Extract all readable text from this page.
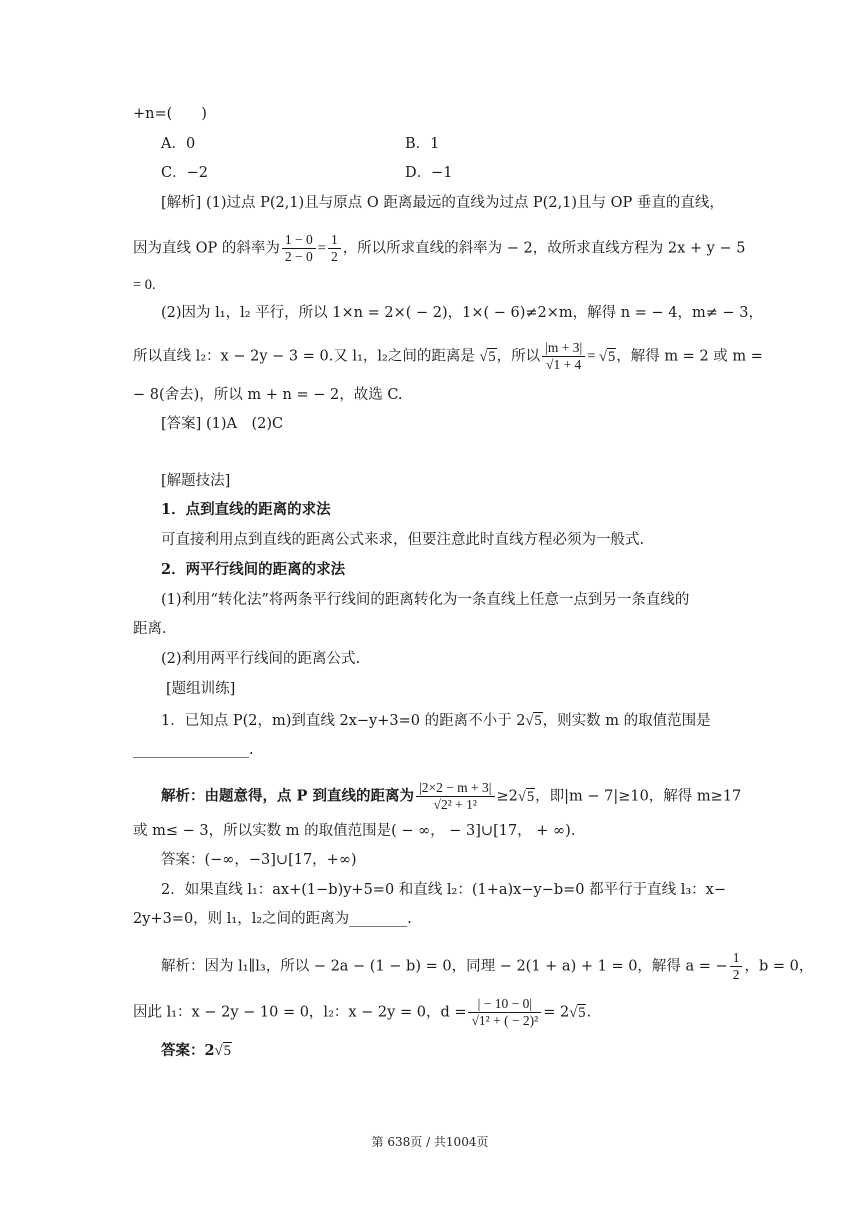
+n=(　　)
A．0	B．1
C．−2	D．−1
[解析] (1)过点 P(2,1)且与原点 O 距离最远的直线为过点 P(2,1)且与 OP 垂直的直线，
因为直线 OP 的斜率为 $\frac{1 - 0}{2 - 0} = \frac{1}{2}$ ，所以所求直线的斜率为 − 2，故所求直线方程为 2x + y − 5
= 0.
(2)因为 l₁，l₂ 平行，所以 1×n = 2×( − 2)，1×( − 6)≠2×m，解得 n = − 4，m≠ − 3，
所以直线 l₂：x − 2y − 3 = 0.又 l₁，l₂之间的距离是 √5，所以 $\frac{|m + 3|}{√1 + 4} = √5$，解得 m = 2 或 m =
− 8(舍去)，所以 m + n = − 2，故选 C.
[答案] (1)A　(2)C
[解题技法]
1．点到直线的距离的求法
可直接利用点到直线的距离公式来求，但要注意此时直线方程必须为一般式.
2．两平行线间的距离的求法
(1)利用“转化法”将两条平行线间的距离转化为一条直线上任意一点到另一条直线的
距离.
(2)利用两平行线间的距离公式.
[题组训练]
1．已知点 P(2，m)到直线 2x−y+3=0 的距离不小于 2√5，则实数 m 的取值范围是
________________.
解析：由题意得，点 P 到直线的距离为 $\frac{|2\times 2 - m + 3|}{\text{√2² + 1²}} \ge 2√5$，即|m − 7|≥10，解得 m≥17
或 m≤ − 3，所以实数 m 的取值范围是( − ∞， − 3]∪[17， + ∞).
答案：(−∞，−3]∪[17，+∞)
2．如果直线 l₁：ax+(1−b)y+5=0 和直线 l₂：(1+a)x−y−b=0 都平行于直线 l₃：x−
2y+3=0，则 l₁，l₂之间的距离为________.
解析：因为 l₁∥l₃，所以 − 2a − (1 − b) = 0，同理 − 2(1 + a) + 1 = 0，解得 a = − $\frac{1}{2}$ ，b = 0，
因此 l₁：x − 2y − 10 = 0，l₂：x − 2y = 0，$d = \frac{| - 10 - 0|}{\text{√1² + ( − 2)²}} = 2√5$.
答案：2√5
第 638页 / 共1004页
